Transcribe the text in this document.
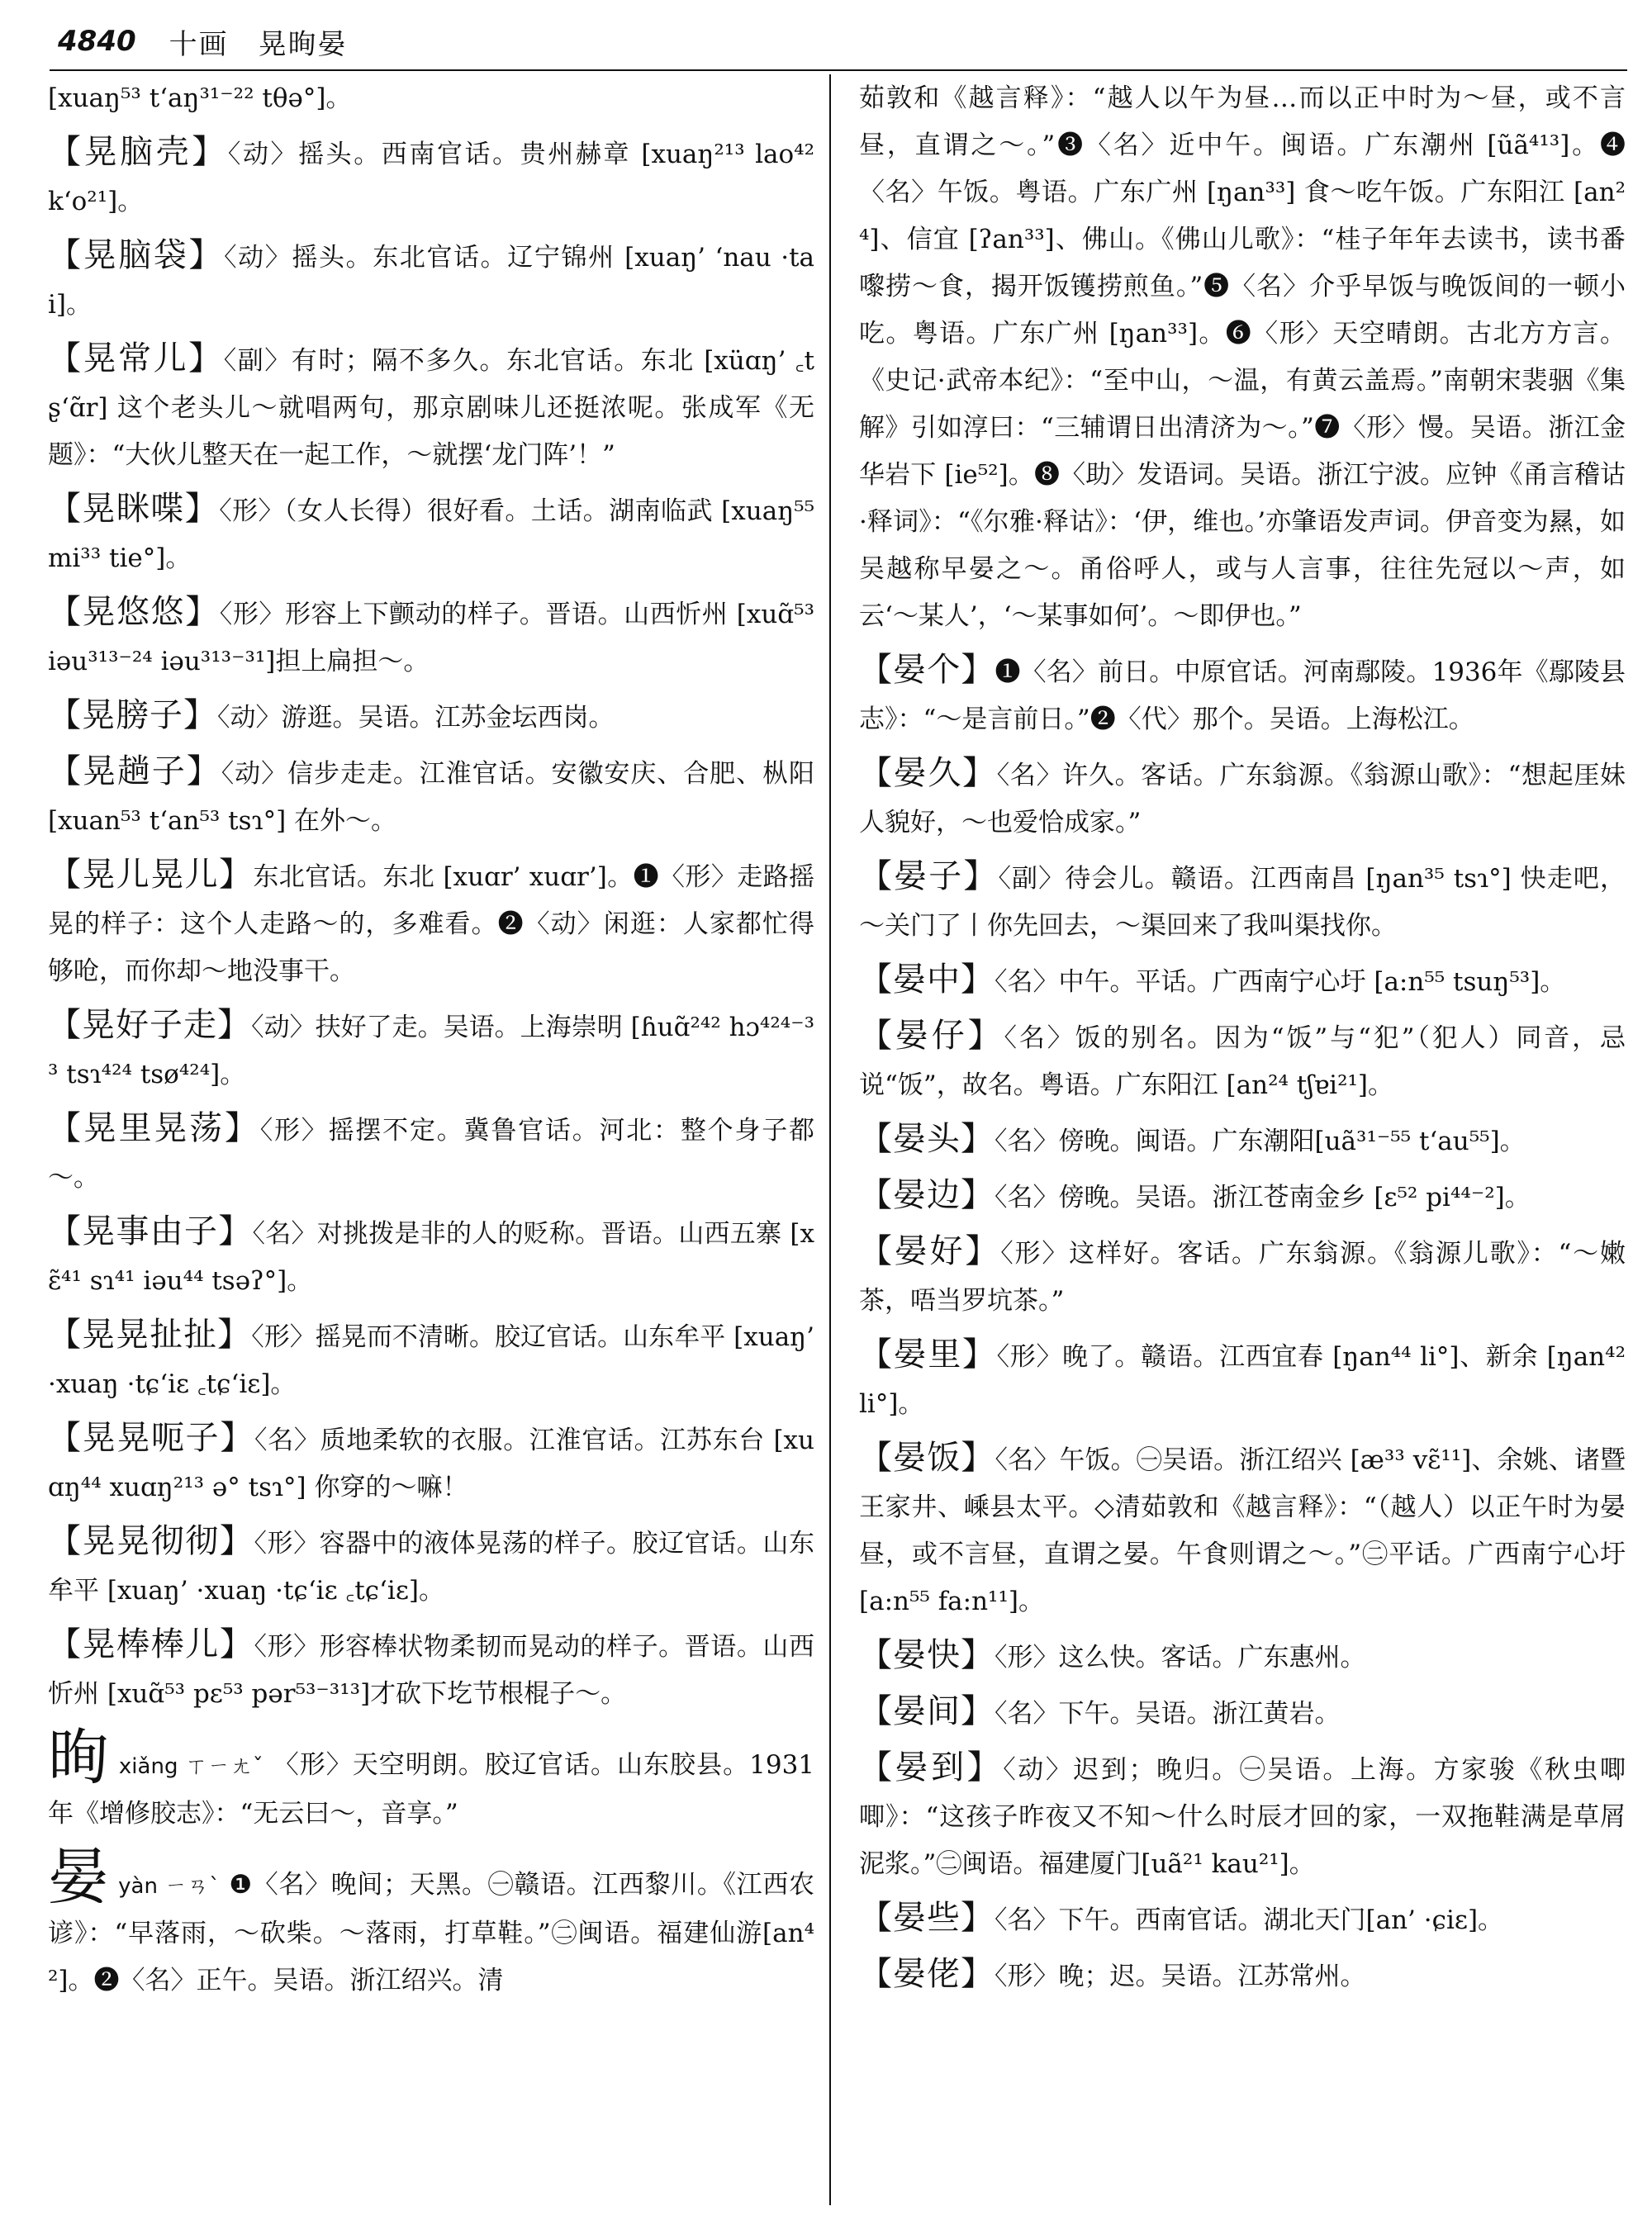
4840 十画　晃㫬晏

[xuaŋ⁵³ t‘aŋ³¹⁻²² tθə°]。

【晃脑壳】〈动〉摇头。西南官话。贵州赫章 [xuaŋ²¹³ lao⁴² k‘o²¹]。

【晃脑袋】〈动〉摇头。东北官话。辽宁锦州 [xuaŋ’ ‘nau ·tai]。

【晃常儿】〈副〉有时；隔不多久。东北官话。东北 [xüɑŋ’ ꜀tʂ‘ɑ̃r] 这个老头儿～就唱两句，那京剧味儿还挺浓呢。张成军《无题》：“大伙儿整天在一起工作，～就摆‘龙门阵’！”

【晃眯喋】〈形〉（女人长得）很好看。土话。湖南临武 [xuaŋ⁵⁵ mi³³ tie°]。

【晃悠悠】〈形〉形容上下颤动的样子。晋语。山西忻州 [xuɑ̃⁵³ iəu³¹³⁻²⁴ iəu³¹³⁻³¹]担上扁担～。

【晃膀子】〈动〉游逛。吴语。江苏金坛西岗。

【晃趟子】〈动〉信步走走。江淮官话。安徽安庆、合肥、枞阳[xuan⁵³ t‘an⁵³ tsɿ°] 在外～。

【晃儿晃儿】东北官话。东北 [xuɑr’ xuɑr’]。❶〈形〉走路摇晃的样子：这个人走路～的，多难看。❷〈动〉闲逛：人家都忙得够呛，而你却～地没事干。

【晃好子走】〈动〉扶好了走。吴语。上海崇明 [ɦuɑ̃²⁴² hɔ⁴²⁴⁻³³ tsɿ⁴²⁴ tsø⁴²⁴]。

【晃里晃荡】〈形〉摇摆不定。冀鲁官话。河北：整个身子都～。

【晃事由子】〈名〉对挑拨是非的人的贬称。晋语。山西五寨 [xɛ̃⁴¹ sɿ⁴¹ iəu⁴⁴ tsəʔ°]。

【晃晃扯扯】〈形〉摇晃而不清晰。胶辽官话。山东牟平 [xuaŋ’ ·xuaŋ ·tɕ‘iɛ ꜀tɕ‘iɛ]。

【晃晃呃子】〈名〉质地柔软的衣服。江淮官话。江苏东台 [xuɑŋ⁴⁴ xuɑŋ²¹³ ə° tsɿ°] 你穿的～嘛！

【晃晃彻彻】〈形〉容器中的液体晃荡的样子。胶辽官话。山东牟平 [xuaŋ’ ·xuaŋ ·tɕ‘iɛ ꜀tɕ‘iɛ]。

【晃棒棒儿】〈形〉形容棒状物柔韧而晃动的样子。晋语。山西忻州 [xuɑ̃⁵³ pɛ⁵³ pər⁵³⁻³¹³]才砍下圪节根棍子～。

㫬 xiǎng ㄒㄧㄤˇ 〈形〉天空明朗。胶辽官话。山东胶县。1931年《增修胶志》：“无云曰～，音享。”

晏 yàn ㄧㄢˋ ❶〈名〉晚间；天黑。㊀赣语。江西黎川。《江西农谚》：“早落雨，～砍柴。～落雨，打草鞋。”㊁闽语。福建仙游[an⁴²]。❷〈名〉正午。吴语。浙江绍兴。清

茹敦和《越言释》：“越人以午为昼…而以正中时为～昼，或不言昼，直谓之～。”❸〈名〉近中午。闽语。广东潮州 [ũã⁴¹³]。❹〈名〉午饭。粤语。广东广州 [ŋan³³] 食～吃午饭。广东阳江 [an²⁴]、信宜 [ʔan³³]、佛山。《佛山儿歌》：“桂子年年去读书，读书番嚟捞～食，揭开饭镬捞煎鱼。”❺〈名〉介乎早饭与晚饭间的一顿小吃。粤语。广东广州 [ŋan³³]。❻〈形〉天空晴朗。古北方方言。《史记·武帝本纪》：“至中山，～温，有黄云盖焉。”南朝宋裴骃《集解》引如淳曰：“三辅谓日出清济为～。”❼〈形〉慢。吴语。浙江金华岩下 [ie⁵²]。❽〈助〉发语词。吴语。浙江宁波。应钟《甬言稽诂·释词》：“《尔雅·释诂》：‘伊，维也。’亦肇语发声词。伊音变为㬎，如吴越称早晏之～。甬俗呼人，或与人言事，往往先冠以～声，如云‘～某人’，‘～某事如何’。～即伊也。”

【晏个】❶〈名〉前日。中原官话。河南鄢陵。1936年《鄢陵县志》：“～是言前日。”❷〈代〉那个。吴语。上海松江。

【晏久】〈名〉许久。客话。广东翁源。《翁源山歌》：“想起厓妹人貌好，～也爱恰成家。”

【晏子】〈副〉待会儿。赣语。江西南昌 [ŋan³⁵ tsɿ°] 快走吧，～关门了丨你先回去，～渠回来了我叫渠找你。

【晏中】〈名〉中午。平话。广西南宁心圩 [a:n⁵⁵ tsuŋ⁵³]。

【晏仔】〈名〉饭的别名。因为“饭”与“犯”（犯人）同音，忌说“饭”，故名。粤语。广东阳江 [an²⁴ tʃɐi²¹]。

【晏头】〈名〉傍晚。闽语。广东潮阳[uã³¹⁻⁵⁵ t‘au⁵⁵]。

【晏边】〈名〉傍晚。吴语。浙江苍南金乡 [ɛ⁵² pi⁴⁴⁻²]。

【晏好】〈形〉这样好。客话。广东翁源。《翁源儿歌》：“～嫩茶，唔当罗坑茶。”

【晏里】〈形〉晚了。赣语。江西宜春 [ŋan⁴⁴ li°]、新余 [ŋan⁴² li°]。

【晏饭】〈名〉午饭。㊀吴语。浙江绍兴 [æ³³ vɛ̃¹¹]、余姚、诸暨王家井、嵊县太平。◇清茹敦和《越言释》：“（越人）以正午时为晏昼，或不言昼，直谓之晏。午食则谓之～。”㊁平话。广西南宁心圩 [a:n⁵⁵ fa:n¹¹]。

【晏快】〈形〉这么快。客话。广东惠州。

【晏间】〈名〉下午。吴语。浙江黄岩。

【晏到】〈动〉迟到；晚归。㊀吴语。上海。方家骏《秋虫唧唧》：“这孩子昨夜又不知～什么时辰才回的家，一双拖鞋满是草屑泥浆。”㊁闽语。福建厦门[uã²¹ kau²¹]。

【晏些】〈名〉下午。西南官话。湖北天门[an’ ·ɕiɛ]。

【晏佬】〈形〉晚；迟。吴语。江苏常州。
